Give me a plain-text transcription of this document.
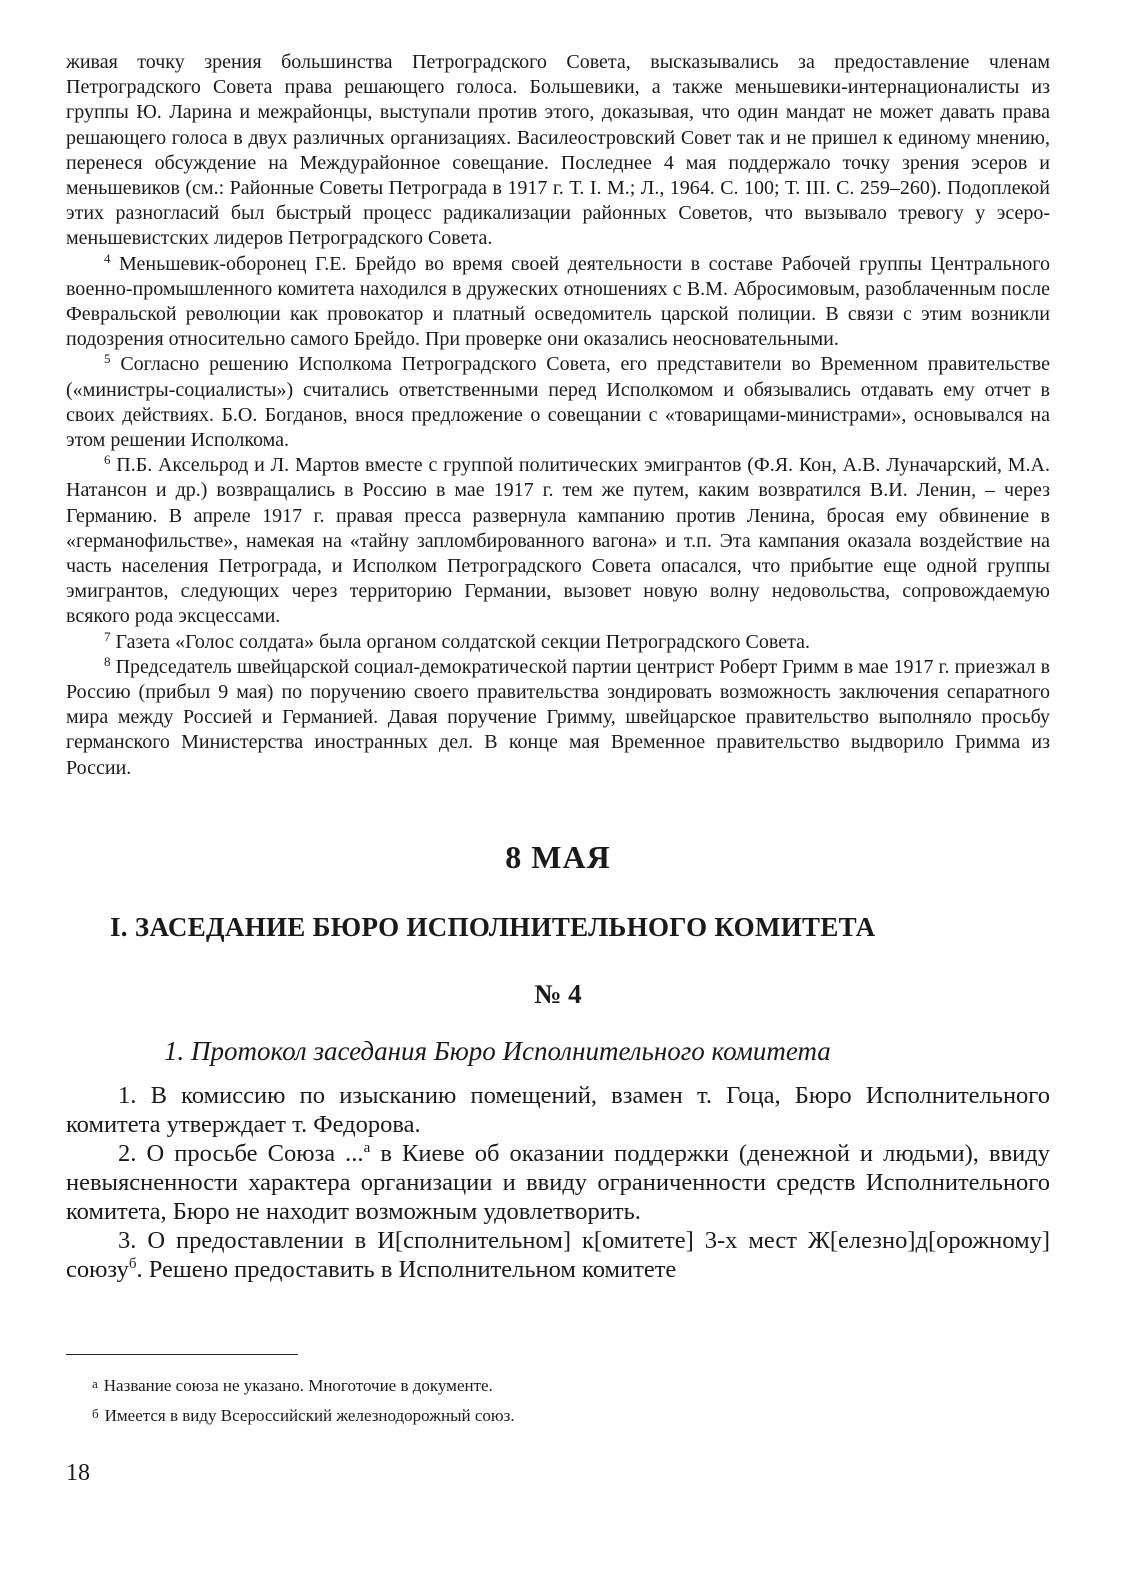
живая точку зрения большинства Петроградского Совета, высказывались за предоставление членам Петроградского Совета права решающего голоса. Большевики, а также меньшевики-интернационалисты из группы Ю. Ларина и межрайонцы, выступали против этого, доказывая, что один мандат не может давать права решающего голоса в двух различных организациях. Василеостровский Совет так и не пришел к единому мнению, перенеся обсуждение на Междурайонное совещание. Последнее 4 мая поддержало точку зрения эсеров и меньшевиков (см.: Районные Советы Петрограда в 1917 г. Т. I. М.; Л., 1964. С. 100; Т. III. С. 259–260). Подоплекой этих разногласий был быстрый процесс радикализации районных Советов, что вызывало тревогу у эсеро-меньшевистских лидеров Петроградского Совета.

$^4$ Меньшевик-оборонец Г.Е. Брейдо во время своей деятельности в составе Рабочей группы Центрального военно-промышленного комитета находился в дружеских отношениях с В.М. Абросимовым, разоблаченным после Февральской революции как провокатор и платный осведомитель царской полиции. В связи с этим возникли подозрения относительно самого Брейдо. При проверке они оказались неосновательными.

$^5$ Согласно решению Исполкома Петроградского Совета, его представители во Временном правительстве («министры-социалисты») считались ответственными перед Исполкомом и обязывались отдавать ему отчет в своих действиях. Б.О. Богданов, внося предложение о совещании с «товарищами-министрами», основывался на этом решении Исполкома.

$^6$ П.Б. Аксельрод и Л. Мартов вместе с группой политических эмигрантов (Ф.Я. Кон, А.В. Луначарский, М.А. Натансон и др.) возвращались в Россию в мае 1917 г. тем же путем, каким возвратился В.И. Ленин, – через Германию. В апреле 1917 г. правая пресса развернула кампанию против Ленина, бросая ему обвинение в «германофильстве», намекая на «тайну запломбированного вагона» и т.п. Эта кампания оказала воздействие на часть населения Петрограда, и Исполком Петроградского Совета опасался, что прибытие еще одной группы эмигрантов, следующих через территорию Германии, вызовет новую волну недовольства, сопровождаемую всякого рода эксцессами.

$^7$ Газета «Голос солдата» была органом солдатской секции Петроградского Совета.

$^8$ Председатель швейцарской социал-демократической партии центрист Роберт Гримм в мае 1917 г. приезжал в Россию (прибыл 9 мая) по поручению своего правительства зондировать возможность заключения сепаратного мира между Россией и Германией. Давая поручение Гримму, швейцарское правительство выполняло просьбу германского Министерства иностранных дел. В конце мая Временное правительство выдворило Гримма из России.

8 МАЯ
I. ЗАСЕДАНИЕ БЮРО ИСПОЛНИТЕЛЬНОГО КОМИТЕТА
№ 4
1. Протокол заседания Бюро Исполнительного комитета

1. В комиссию по изысканию помещений, взамен т. Гоца, Бюро Исполнительного комитета утверждает т. Федорова.

2. О просьбе Союза ...$^а$ в Киеве об оказании поддержки (денежной и людьми), ввиду невыясненности характера организации и ввиду ограниченности средств Исполнительного комитета, Бюро не находит возможным удовлетворить.

3. О предоставлении в И[сполнительном] к[омитете] 3-х мест Ж[елезно]д[орожному] союзу$^б$. Решено предоставить в Исполнительном комитете

$^а$ Название союза не указано. Многоточие в документе.

$^б$ Имеется в виду Всероссийский железнодорожный союз.

18
